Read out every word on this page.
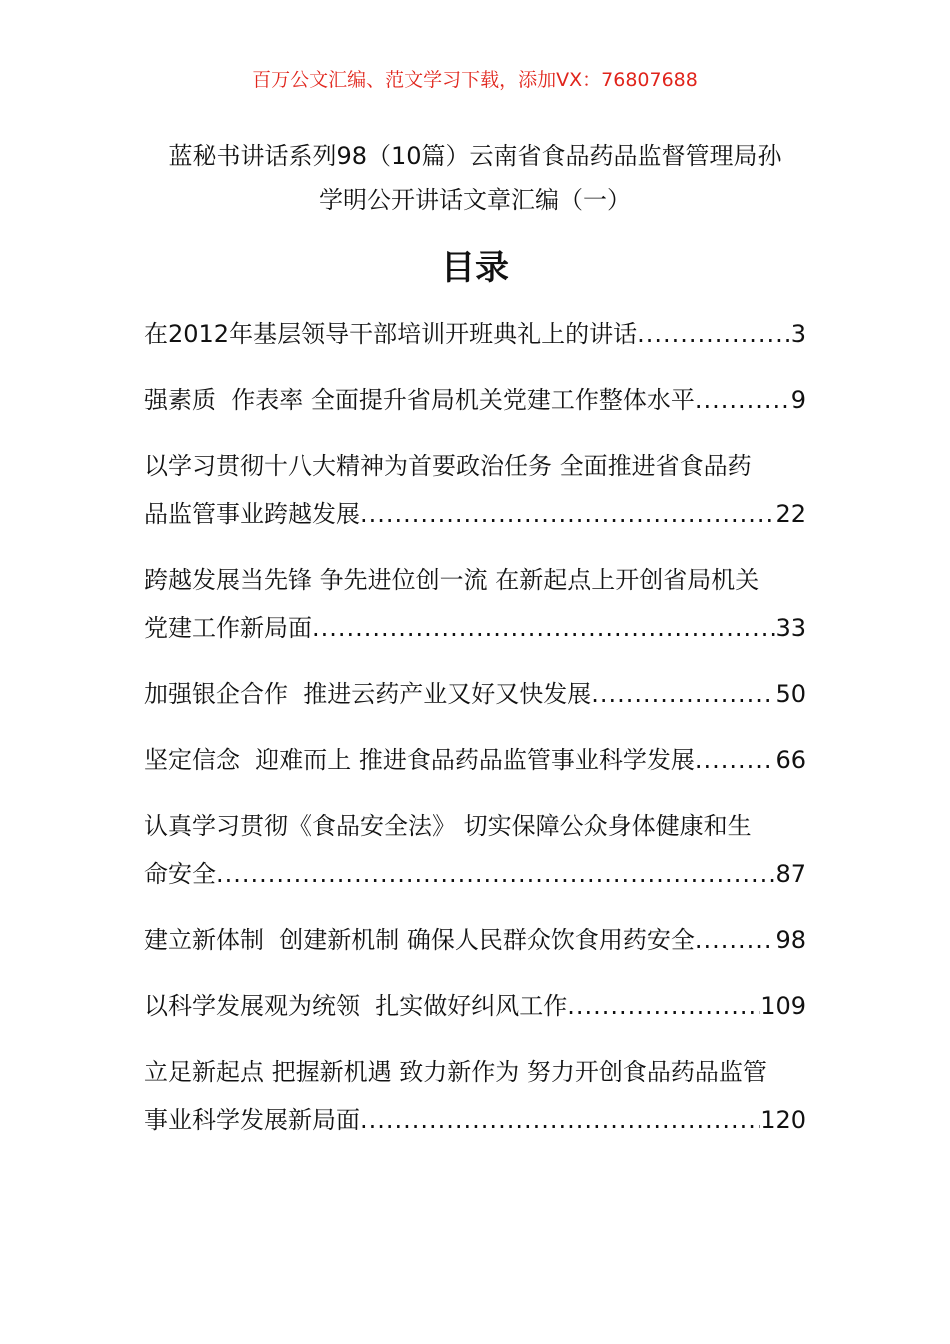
百万公文汇编、范文学习下载，添加VX：76807688
蓝秘书讲话系列98（10篇）云南省食品药品监督管理局孙
学明公开讲话文章汇编（一）
目录
在2012年基层领导干部培训开班典礼上的讲话 .....	3
强素质  作表率 全面提升省局机关党建工作整体水平 .....	9
以学习贯彻十八大精神为首要政治任务 全面推进省食品药
品监管事业跨越发展 .....	22
跨越发展当先锋 争先进位创一流 在新起点上开创省局机关
党建工作新局面 .....	33
加强银企合作  推进云药产业又好又快发展 .....	50
坚定信念  迎难而上 推进食品药品监管事业科学发展 .....	66
认真学习贯彻《食品安全法》 切实保障公众身体健康和生
命安全 .....	87
建立新体制  创建新机制 确保人民群众饮食用药安全 .....	98
以科学发展观为统领  扎实做好纠风工作 .....	109
立足新起点 把握新机遇 致力新作为 努力开创食品药品监管
事业科学发展新局面 .....	120
